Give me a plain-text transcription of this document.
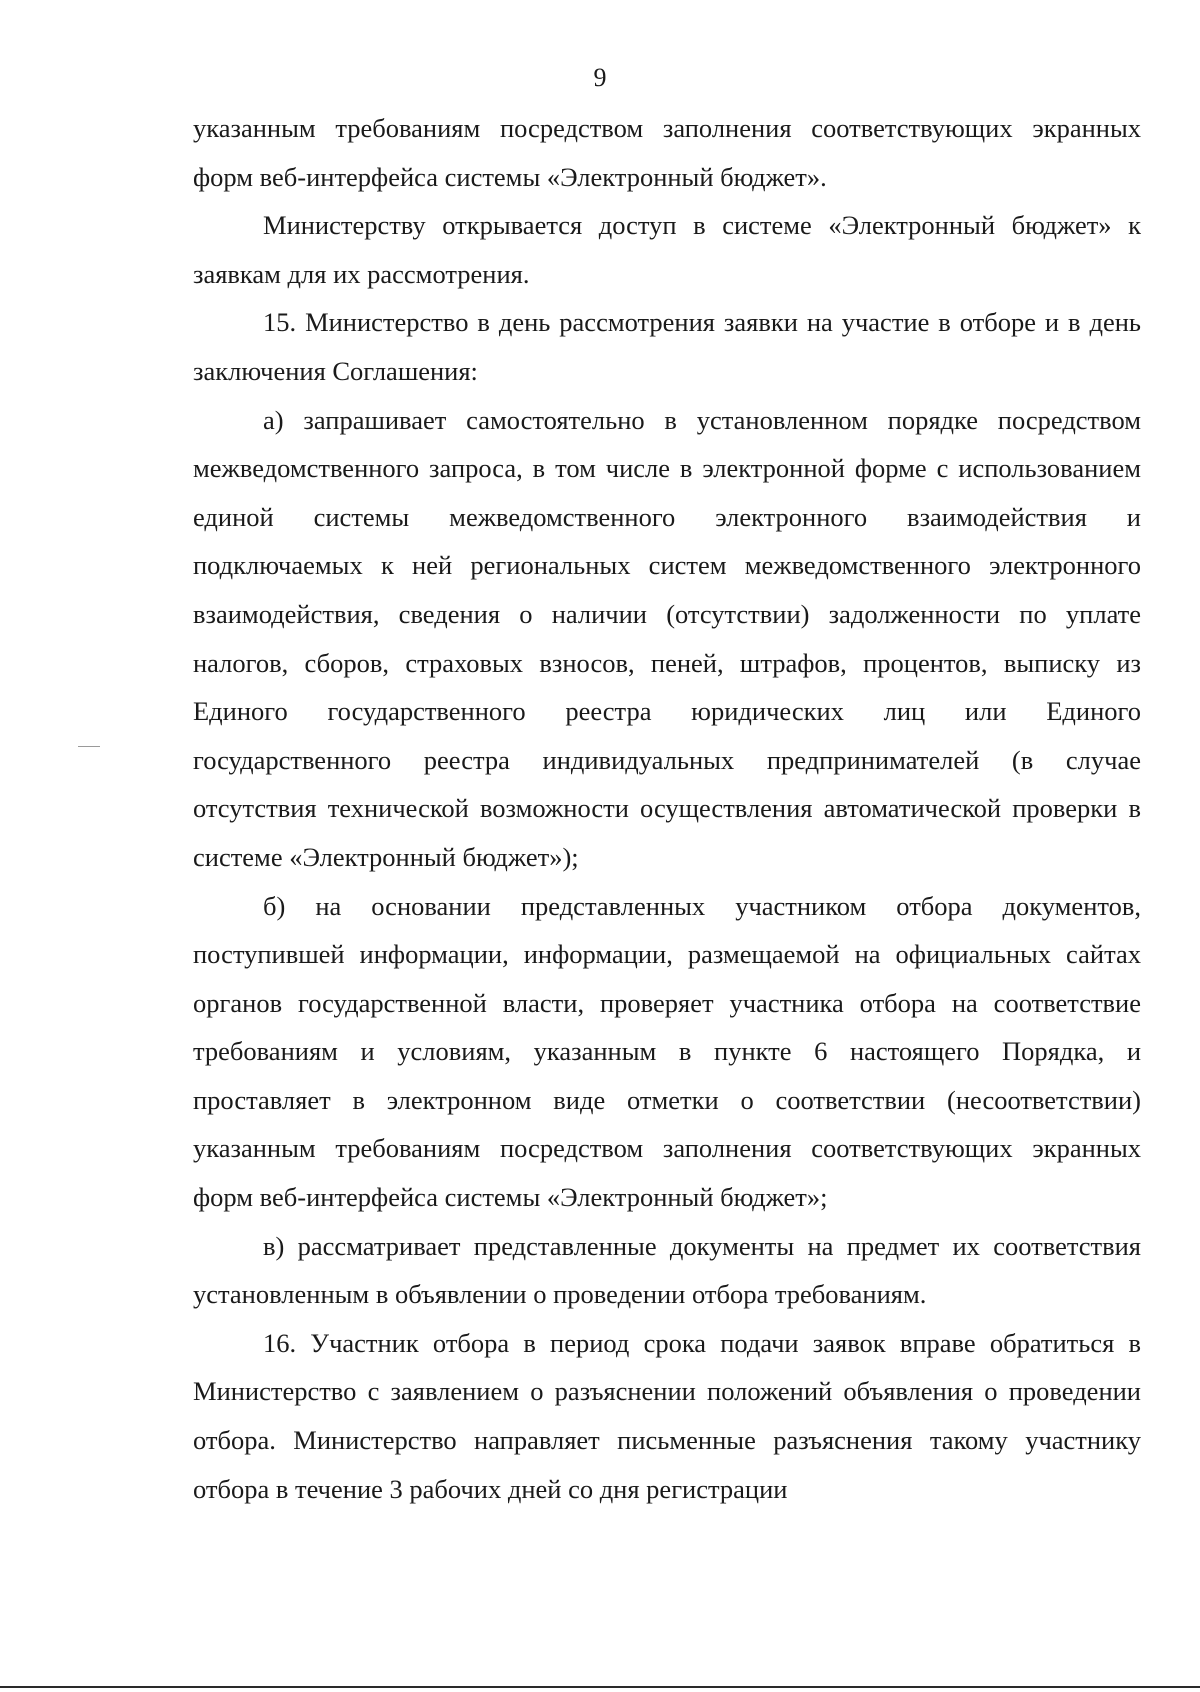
9

указанным требованиям посредством заполнения соответствующих экранных форм веб-интерфейса системы «Электронный бюджет».

Министерству открывается доступ в системе «Электронный бюджет» к заявкам для их рассмотрения.

15. Министерство в день рассмотрения заявки на участие в отборе и в день заключения Соглашения:

а) запрашивает самостоятельно в установленном порядке посредством межведомственного запроса, в том числе в электронной форме с использованием единой системы межведомственного электронного взаимодействия и подключаемых к ней региональных систем межведомственного электронного взаимодействия, сведения о наличии (отсутствии) задолженности по уплате налогов, сборов, страховых взносов, пеней, штрафов, процентов, выписку из Единого государственного реестра юридических лиц или Единого государственного реестра индивидуальных предпринимателей (в случае отсутствия технической возможности осуществления автоматической проверки в системе «Электронный бюджет»);

б) на основании представленных участником отбора документов, поступившей информации, информации, размещаемой на официальных сайтах органов государственной власти, проверяет участника отбора на соответствие требованиям и условиям, указанным в пункте 6 настоящего Порядка, и проставляет в электронном виде отметки о соответствии (несоответствии) указанным требованиям посредством заполнения соответствующих экранных форм веб-интерфейса системы «Электронный бюджет»;

в) рассматривает представленные документы на предмет их соответствия установленным в объявлении о проведении отбора требованиям.

16. Участник отбора в период срока подачи заявок вправе обратиться в Министерство с заявлением о разъяснении положений объявления о проведении отбора. Министерство направляет письменные разъяснения такому участнику отбора в течение 3 рабочих дней со дня регистрации
